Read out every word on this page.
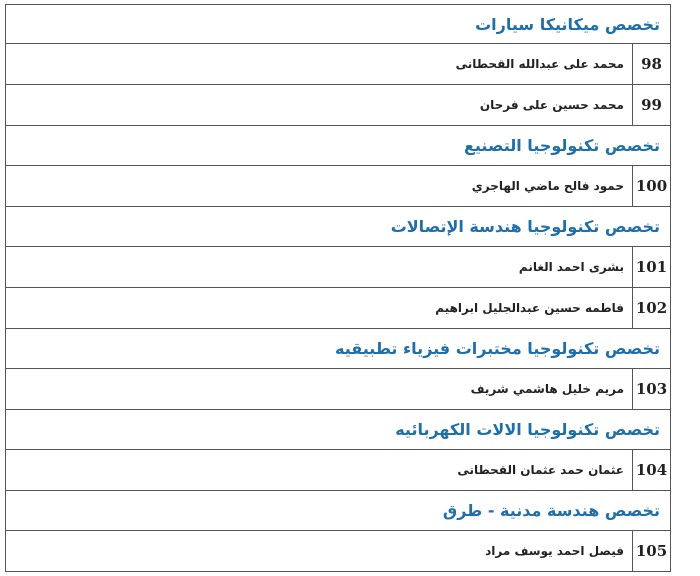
تخصص ميكانيكا سيارات
98
محمد على عبدالله القحطانى
99
محمد حسين على فرحان
تخصص تكنولوجيا التصنيع
100
حمود فالح ماضي الهاجري
تخصص تكنولوجيا هندسة الإتصالات
101
بشرى احمد الغانم
102
فاطمه حسين عبدالجليل ابراهيم
تخصص تكنولوجيا مختبرات فيزياء تطبيقيه
103
مريم خليل هاشمي شريف
تخصص تكنولوجيا الالات الكهربائيه
104
عثمان حمد عثمان القحطانى
تخصص هندسة مدنية - طرق
105
فيصل احمد يوسف مراد
